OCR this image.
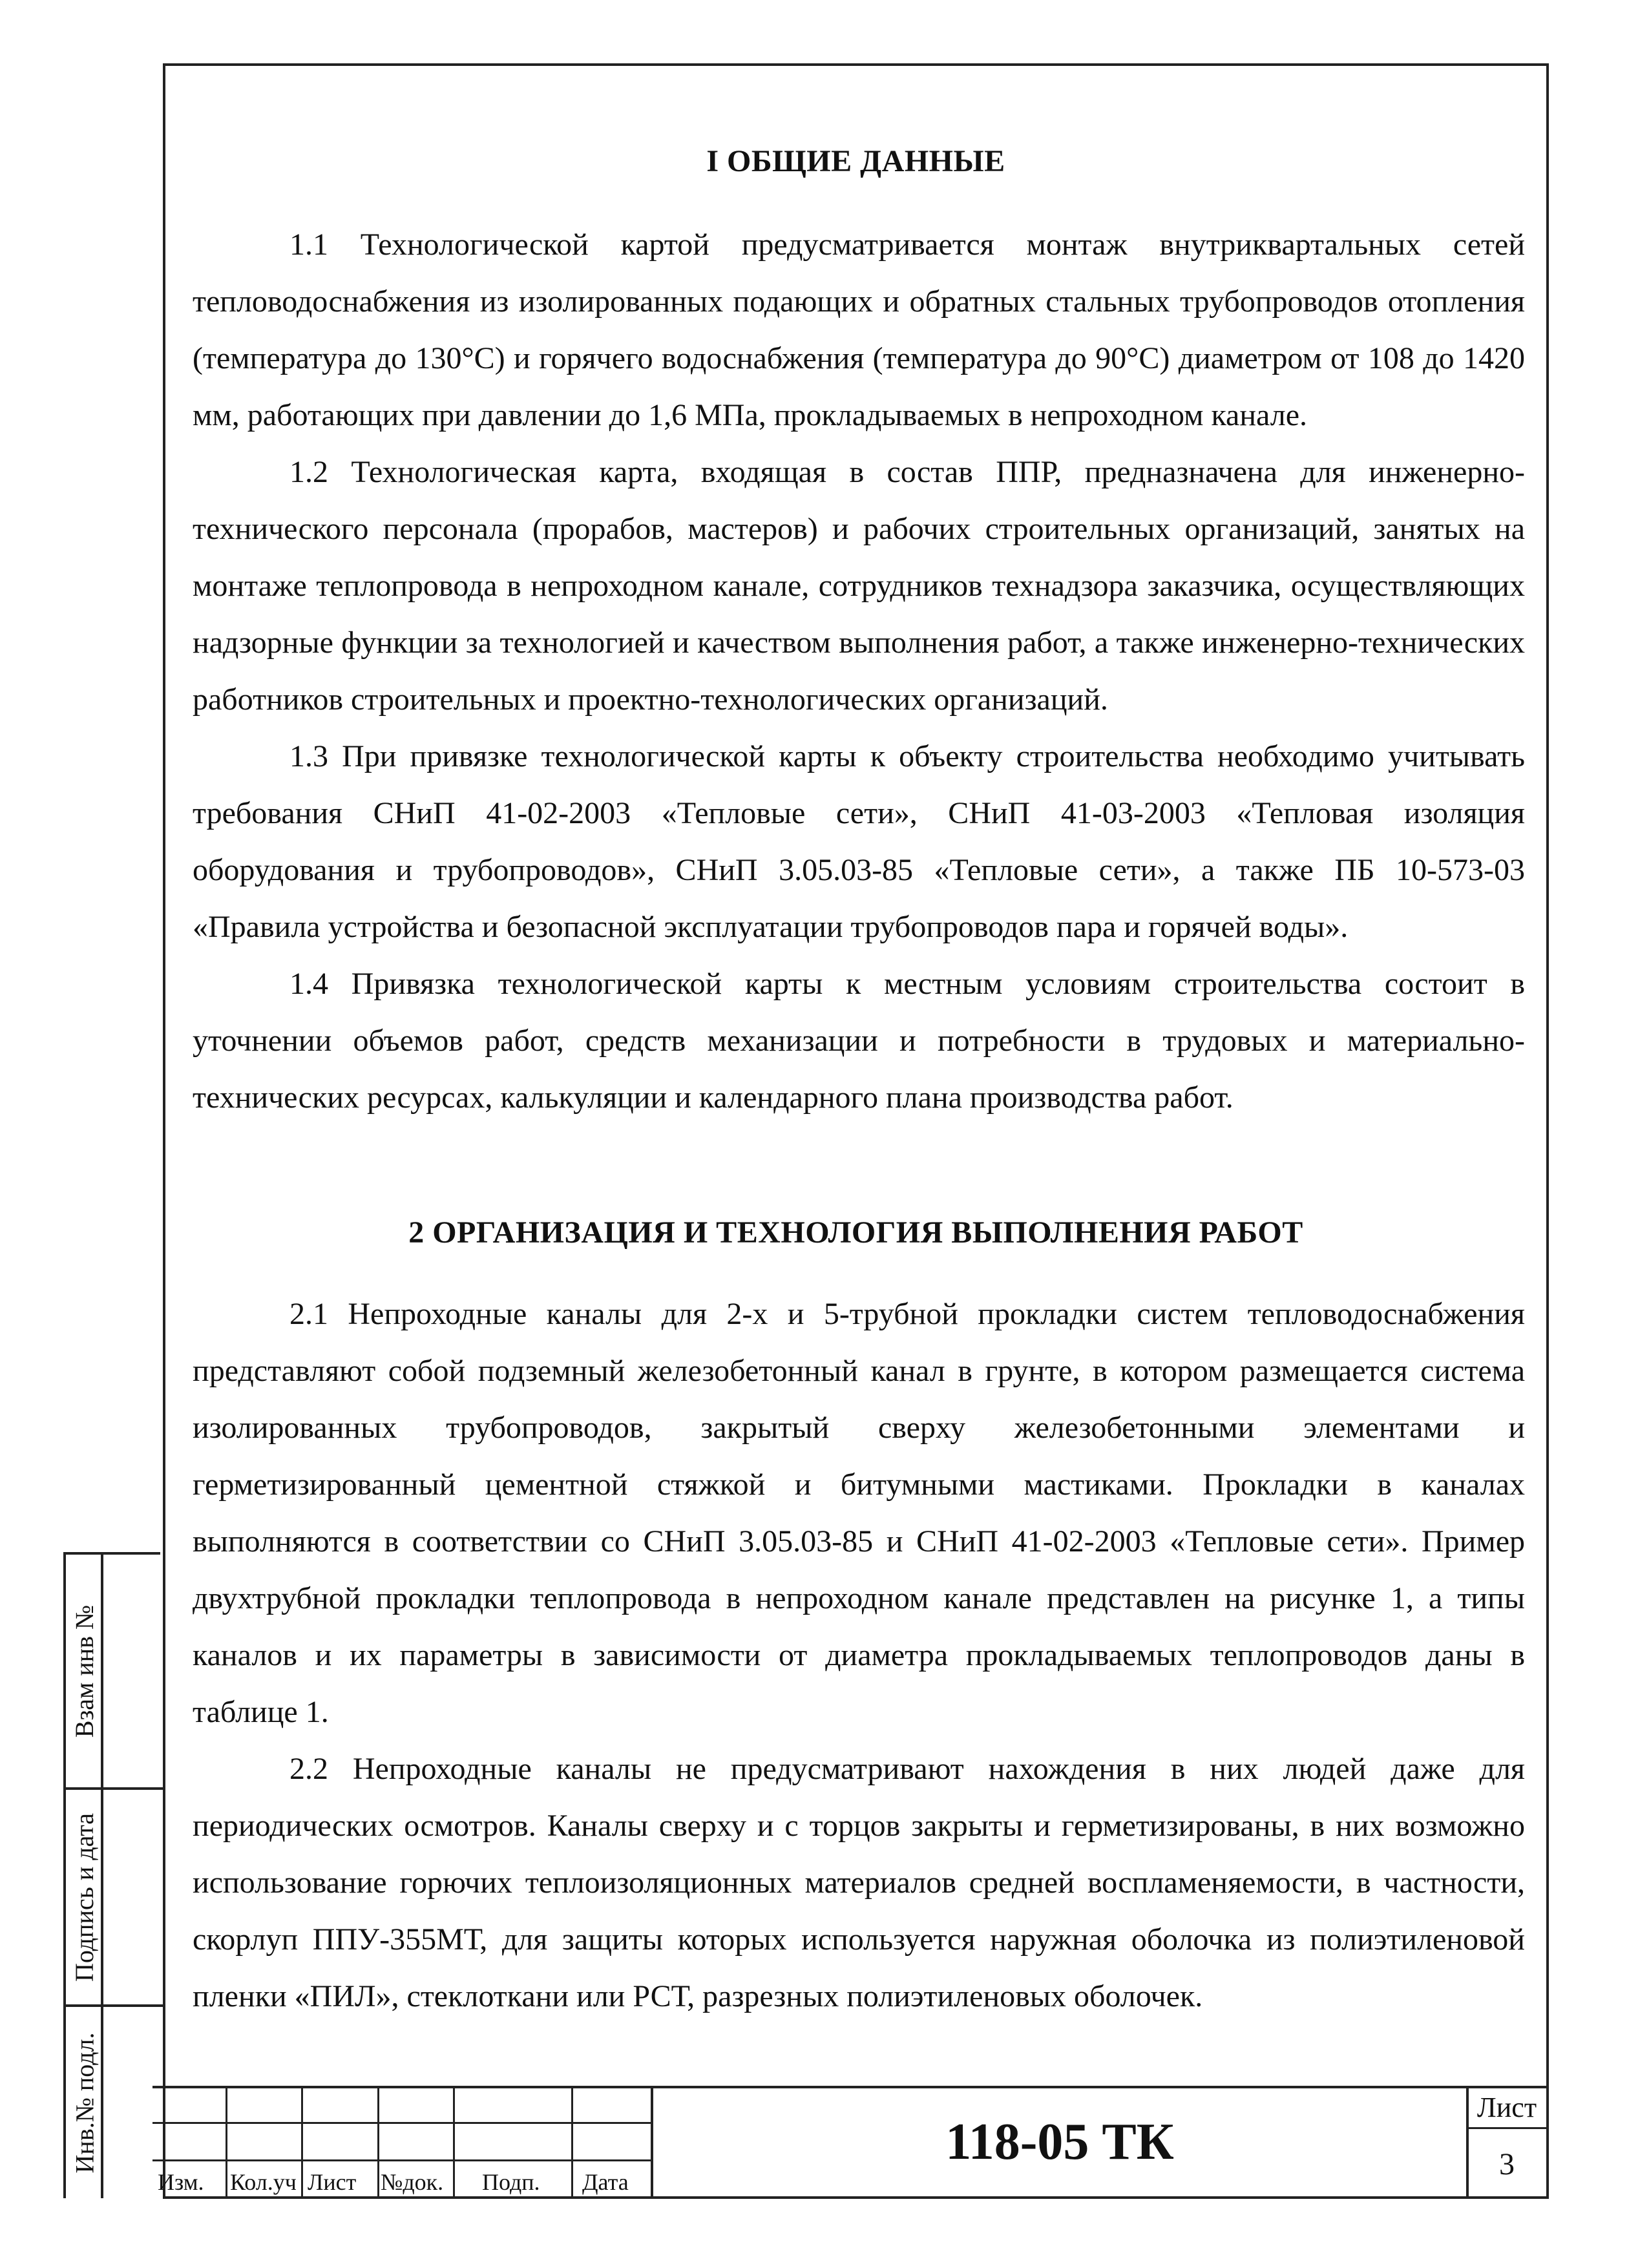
I ОБЩИЕ ДАННЫЕ

1.1 Технологической картой предусматривается монтаж внутриквартальных сетей тепловодоснабжения из изолированных подающих и обратных стальных трубопроводов отопления (температура до 130°С) и горячего водоснабжения (температура до 90°С) диаметром от 108 до 1420 мм, работающих при давлении до 1,6 МПа, прокладываемых в непроходном канале.

1.2 Технологическая карта, входящая в состав ППР, предназначена для инженерно-технического персонала (прорабов, мастеров) и рабочих строительных организаций, занятых на монтаже теплопровода в непроходном канале, сотрудников технадзора заказчика, осуществляющих надзорные функции за технологией и качеством выполнения работ, а также инженерно-технических работников строительных и проектно-технологических организаций.

1.3 При привязке технологической карты к объекту строительства необходимо учитывать требования СНиП 41-02-2003 «Тепловые сети», СНиП 41-03-2003 «Тепловая изоляция оборудования и трубопроводов», СНиП 3.05.03-85 «Тепловые сети», а также ПБ 10-573-03 «Правила устройства и безопасной эксплуатации трубопроводов пара и горячей воды».

1.4 Привязка технологической карты к местным условиям строительства состоит в уточнении объемов работ, средств механизации и потребности в трудовых и материально-технических ресурсах, калькуляции и календарного плана производства работ.

2 ОРГАНИЗАЦИЯ И ТЕХНОЛОГИЯ ВЫПОЛНЕНИЯ РАБОТ

2.1 Непроходные каналы для 2-х и 5-трубной прокладки систем тепловодоснабжения представляют собой подземный железобетонный канал в грунте, в котором размещается система изолированных трубопроводов, закрытый сверху железобетонными элементами и герметизированный цементной стяжкой и битумными мастиками. Прокладки в каналах выполняются в соответствии со СНиП 3.05.03-85 и СНиП 41-02-2003 «Тепловые сети». Пример двухтрубной прокладки теплопровода в непроходном канале представлен на рисунке 1, а типы каналов и их параметры в зависимости от диаметра прокладываемых теплопроводов даны в таблице 1.

2.2 Непроходные каналы не предусматривают нахождения в них людей даже для периодических осмотров. Каналы сверху и с торцов закрыты и герметизированы, в них возможно использование горючих теплоизоляционных материалов средней воспламеняемости, в частности, скорлуп ППУ-355МТ, для защиты которых используется наружная оболочка из полиэтиленовой пленки «ПИЛ», стеклоткани или РСТ, разрезных полиэтиленовых оболочек.

Взам инв №
Подпись и дата
Инв.№ подл.
Изм. Кол.уч Лист №док. Подп. Дата
118-05 ТК
Лист
3
